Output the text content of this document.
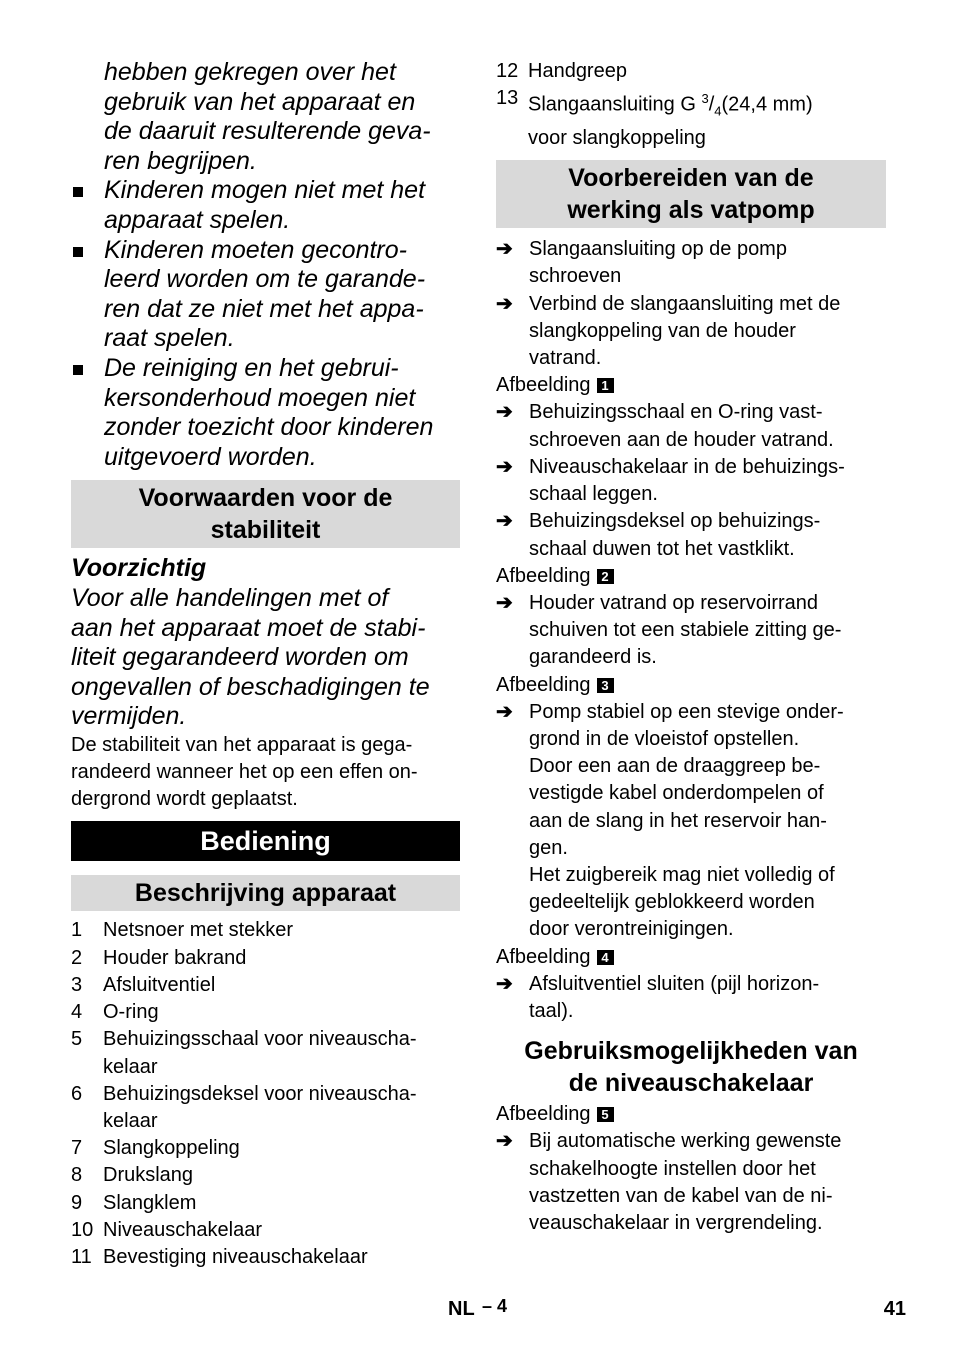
hebben gekregen over het
gebruik van het apparaat en
de daaruit resulterende geva-
ren begrijpen.
Kinderen mogen niet met het
apparaat spelen.
Kinderen moeten gecontro-
leerd worden om te garande-
ren dat ze niet met het appa-
raat spelen.
De reiniging en het gebrui-
kersonderhoud moegen niet
zonder toezicht door kinderen
uitgevoerd worden.
Voorwaarden voor de
stabiliteit
Voorzichtig
Voor alle handelingen met of
aan het apparaat moet de stabi-
liteit gegarandeerd worden om
ongevallen of beschadigingen te
vermijden.
De stabiliteit van het apparaat is gega-
randeerd wanneer het op een effen on-
dergrond wordt geplaatst.
Bediening
Beschrijving apparaat
1	Netsnoer met stekker
2	Houder bakrand
3	Afsluitventiel
4	O-ring
5	Behuizingsschaal voor niveauscha-
kelaar
6	Behuizingsdeksel voor niveauscha-
kelaar
7	Slangkoppeling
8	Drukslang
9	Slangklem
10 Niveauschakelaar
11 Bevestiging niveauschakelaar
12 Handgreep
13 Slangaansluiting G $^3/_4(24,4$ mm)
voor slangkoppeling
Voorbereiden van de
werking als vatpomp
➔ Slangaansluiting op de pomp
schroeven
➔ Verbind de slangaansluiting met de
slangkoppeling van de houder
vatrand.
Afbeelding 1
➔ Behuizingsschaal en O-ring vast-
schroeven aan de houder vatrand.
➔ Niveauschakelaar in de behuizings-
schaal leggen.
➔ Behuizingsdeksel op behuizings-
schaal duwen tot het vastklikt.
Afbeelding 2
➔ Houder vatrand op reservoirrand
schuiven tot een stabiele zitting ge-
garandeerd is.
Afbeelding 3
➔ Pomp stabiel op een stevige onder-
grond in de vloeistof opstellen.
Door een aan de draaggreep be-
vestigde kabel onderdompelen of
aan de slang in het reservoir han-
gen.
Het zuigbereik mag niet volledig of
gedeeltelijk geblokkeerd worden
door verontreinigingen.
Afbeelding 4
➔ Afsluitventiel sluiten (pijl horizon-
taal).
Gebruiksmogelijkheden van
de niveauschakelaar
Afbeelding 5
➔ Bij automatische werking gewenste
schakelhoogte instellen door het
vastzetten van de kabel van de ni-
veauschakelaar in vergrendeling.
NL – 4	41
